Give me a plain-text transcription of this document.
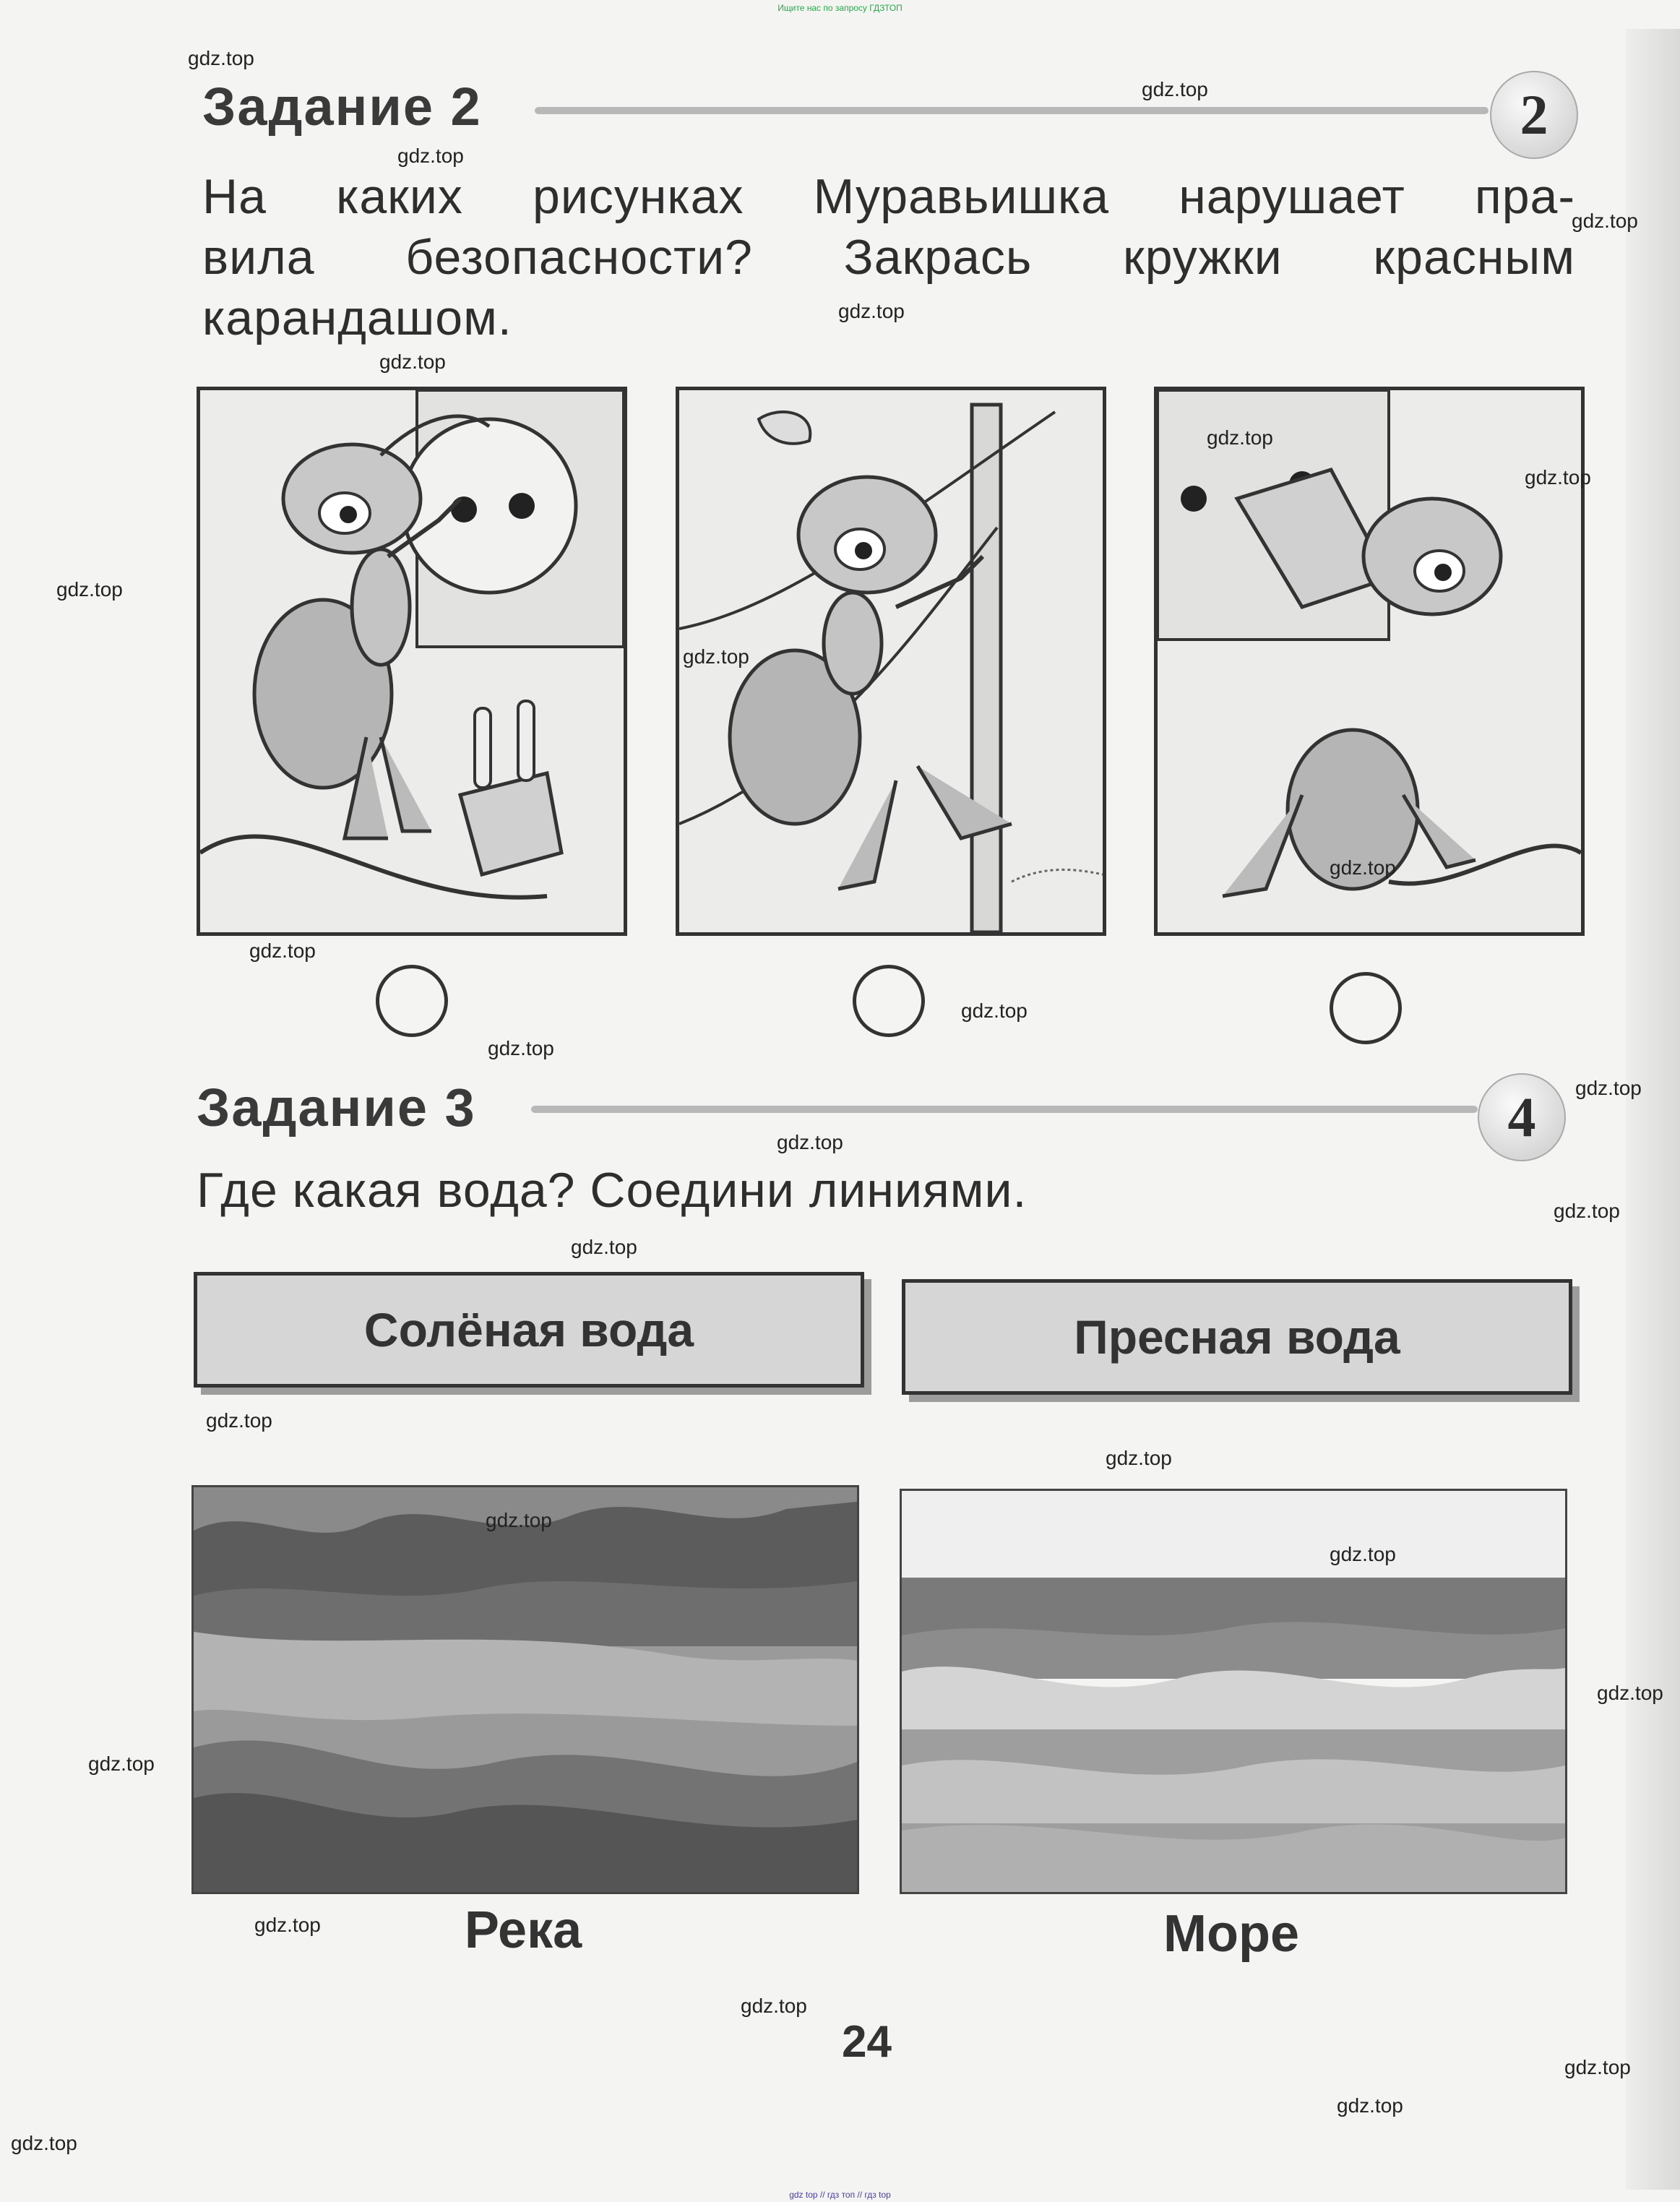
Ищите нас по запросу ГДЗТОП
Задание 2	2
На каких рисунках Муравьишка нарушает пра-
вила безопасности? Закрась кружки красным
карандашом.
Задание 3	4
Где какая вода? Соедини линиями.
Солёная вода	Пресная вода
Река	Море
24
gdz.top
gdz.top
gdz.top
gdz.top
gdz.top
gdz.top
gdz.top
gdz.top
gdz.top
gdz.top
gdz.top
gdz.top
gdz.top
gdz.top
gdz.top
gdz.top
gdz.top
gdz.top
gdz.top
gdz.top
gdz.top
gdz.top
gdz.top
gdz.top
gdz.top
gdz.top
gdz.top
gdz.top
gdz.top
gdz top // гдз топ // гдз top
